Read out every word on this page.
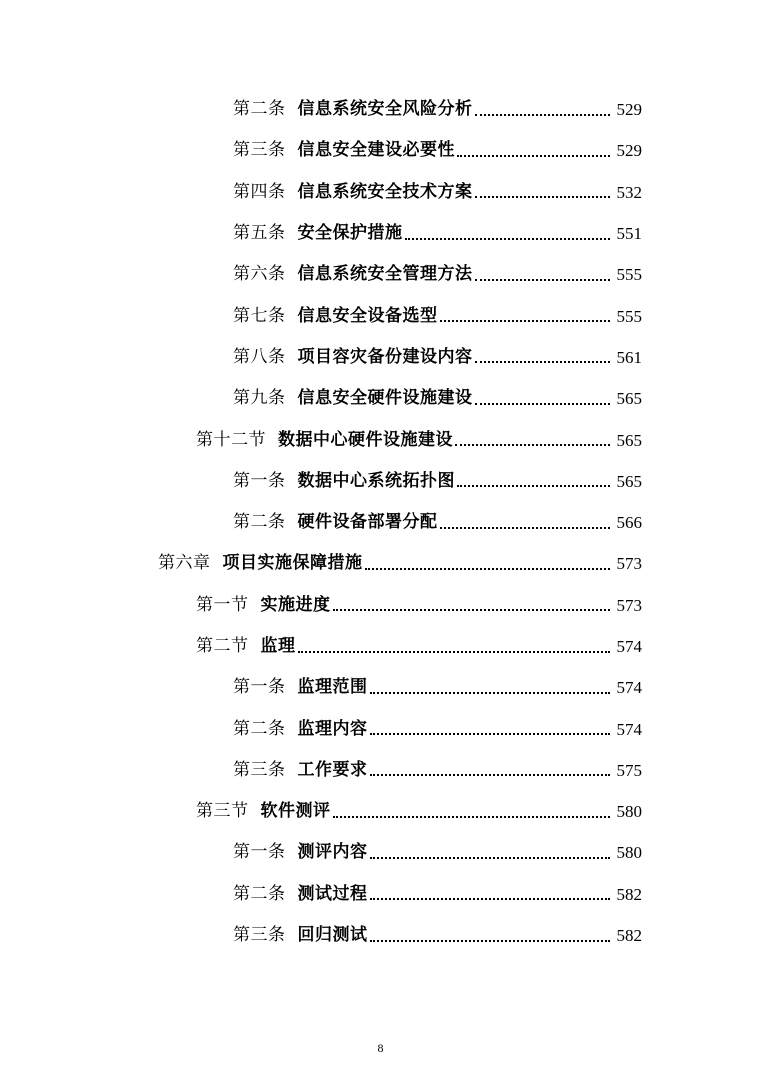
第二条 信息系统安全风险分析	529
第三条 信息安全建设必要性	529
第四条 信息系统安全技术方案	532
第五条 安全保护措施	551
第六条 信息系统安全管理方法	555
第七条 信息安全设备选型	555
第八条 项目容灾备份建设内容	561
第九条 信息安全硬件设施建设	565
第十二节 数据中心硬件设施建设	565
第一条 数据中心系统拓扑图	565
第二条 硬件设备部署分配	566
第六章 项目实施保障措施	573
第一节 实施进度	573
第二节 监理	574
第一条 监理范围	574
第二条 监理内容	574
第三条 工作要求	575
第三节 软件测评	580
第一条 测评内容	580
第二条 测试过程	582
第三条 回归测试	582
8
